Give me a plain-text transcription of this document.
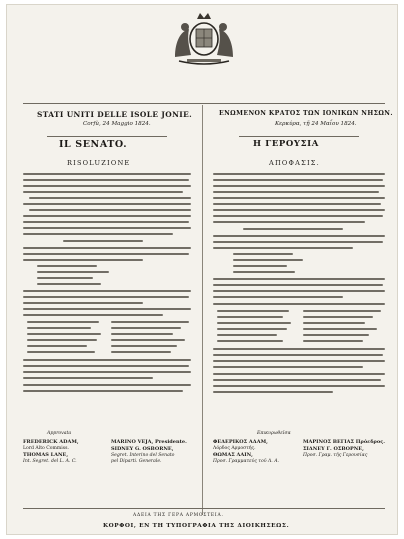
STATI UNITI DELLE ISOLE JONIE.
Corfù, 24 Maggio 1824.
IL SENATO.
RISOLUZIONE
ΕΝΩΜΕΝΟΝ ΚΡΑΤΟΣ ΤΩΝ ΙΟΝΙΚΩΝ ΝΗΣΩΝ.
Κερκύρα, τῇ 24 Μαΐου 1824.
Η ΓΕΡΟΥΣΙΑ
ΑΠΟΦΑΣΙΣ.
Approvata
FREDERICK ADAM,
Lord Alto Commiss.
THOMAS LANE,
Int. Segret. del L. A. C.
MARINO VEJA, Presidente.
SIDNEY G. OSBORNE,
Segret. Interino del Senato
pel Diparti. Generale.
Επικυρωθεῖσα
ΦΕΔΕΡΙΚΟΣ ΑΔΑΜ,
Λόρδος Αρμοστής.
ΘΩΜΑΣ ΛΑΙΝ,
Προσ. Γραμματεύς τοῦ Λ. Α.
ΜΑΡΙΝΟΣ ΒΕΓΙΑΣ Πρόεδρος.
ΣΙΔΝΕΥ Γ. ΟΣΒΟΡΝΕ,
Προσ. Γραμ. τῆς Γερουσίας
ΑΔΕΙΑ ΤΗΣ ΓΕΡΑ ΑΡΜΟΣΤΕΙΑ.
ΚΟΡΦΟΙ, ΕΝ ΤΗ ΤΥΠΟΓΡΑΦΙΑ ΤΗΣ ΔΙΟΙΚΗΣΕΩΣ.
